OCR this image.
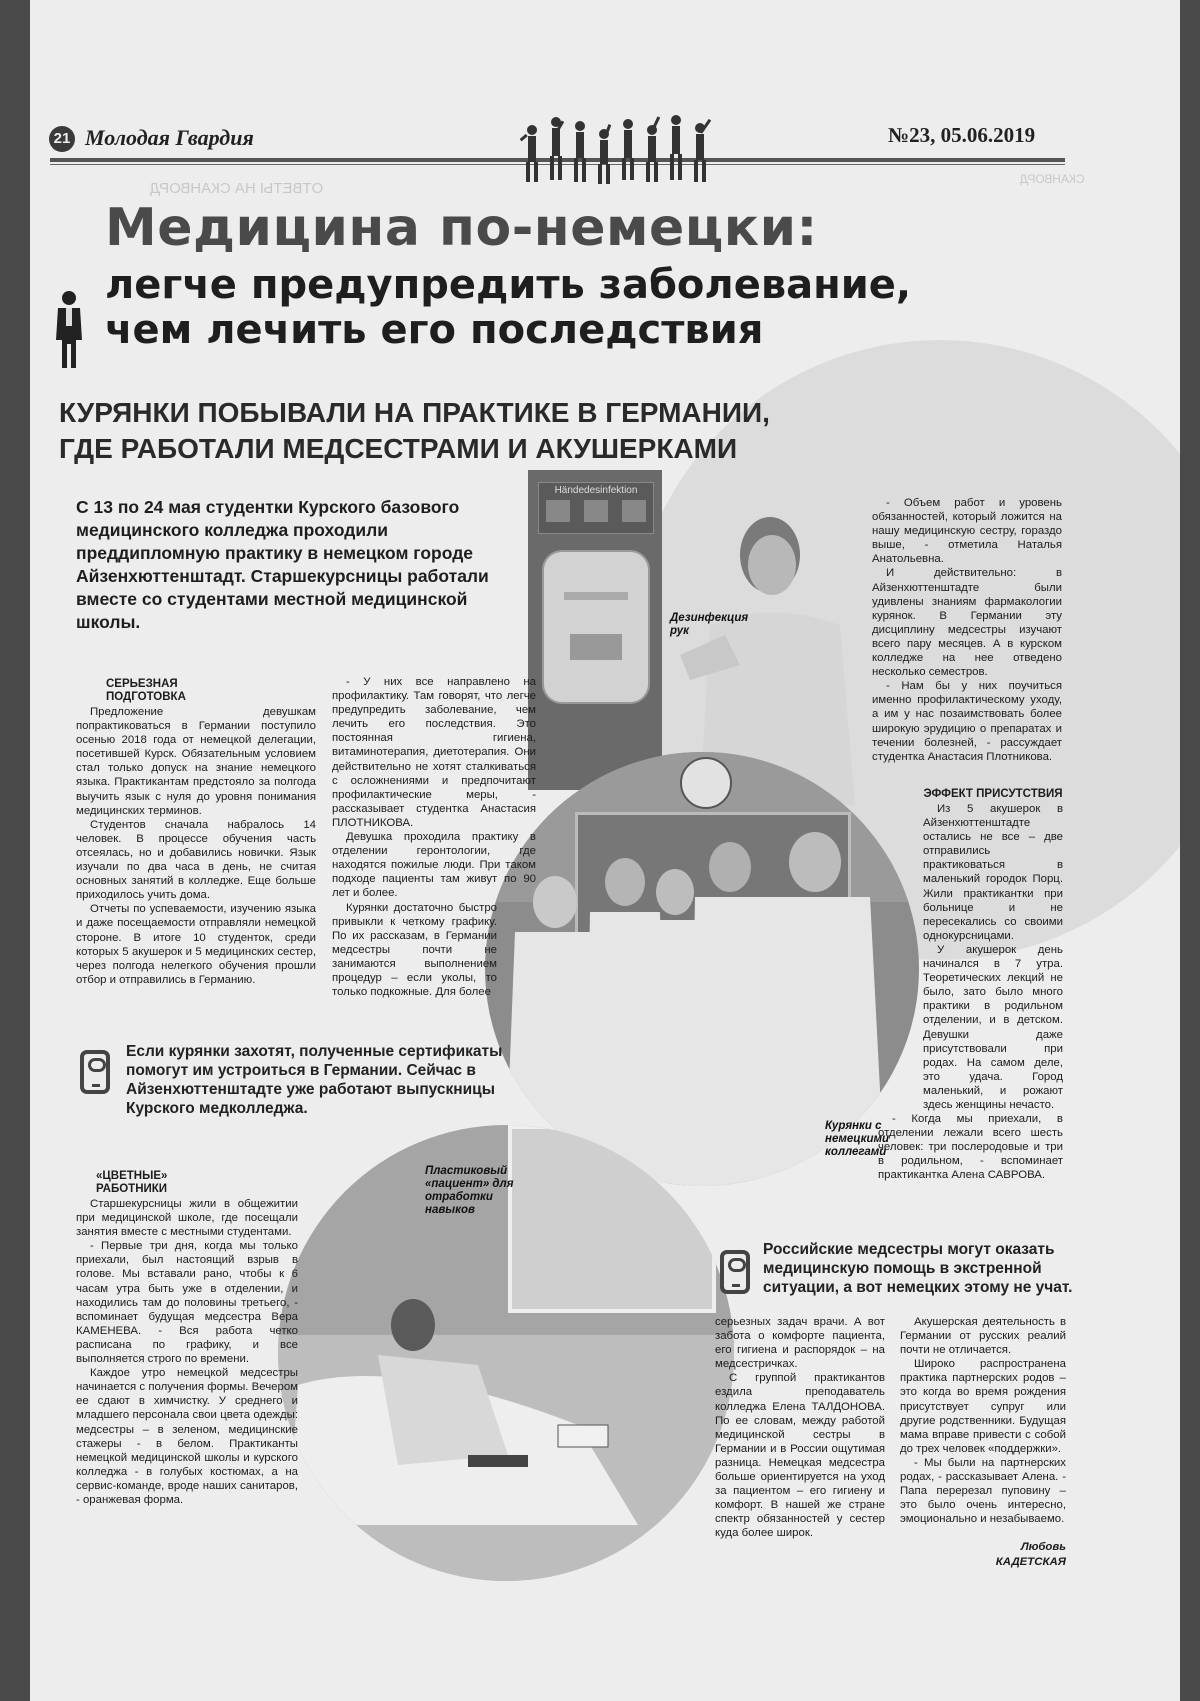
ОТВЕТЫ НА СКАНВОРД
СКАНВОРД
21 Молодая Гвардия	№23, 05.06.2019
Медицина по-немецки:
легче предупредить заболевание,
чем лечить его последствия
КУРЯНКИ ПОБЫВАЛИ НА ПРАКТИКЕ В ГЕРМАНИИ,
ГДЕ РАБОТАЛИ МЕДСЕСТРАМИ И АКУШЕРКАМИ
С 13 по 24 мая студентки Курского базового медицинского колледжа проходили преддипломную практику в немецком городе Айзенхюттенштадт. Старшекурсницы работали вместе со студентами местной медицинской школы.
Händedesinfektion
Дезинфекция рук
Курянки с немецкими коллегами
Пластиковый «пациент» для отработки навыков
СЕРЬЕЗНАЯ ПОДГОТОВКА

Предложение девушкам попрактиковаться в Германии поступило осенью 2018 года от немецкой делегации, посетившей Курск. Обязательным условием стал только допуск на знание немецкого языка. Практикантам предстояло за полгода выучить язык с нуля до уровня понимания медицинских терминов.

Студентов сначала набралось 14 человек. В процессе обучения часть отсеялась, но и добавились новички. Язык изучали по два часа в день, не считая основных занятий в колледже. Еще больше приходилось учить дома.

Отчеты по успеваемости, изучению языка и даже посещаемости отправляли немецкой стороне. В итоге 10 студенток, среди которых 5 акушерок и 5 медицинских сестер, через полгода нелегкого обучения прошли отбор и отправились в Германию.

- У них все направлено на профилактику. Там говорят, что легче предупредить заболевание, чем лечить его последствия. Это постоянная гигиена, витаминотерапия, диетотерапия. Они действительно не хотят сталкиваться с осложнениями и предпочитают профилактические меры, - рассказывает студентка Анастасия ПЛОТНИКОВА.

Девушка проходила практику в отделении геронтологии, где находятся пожилые люди. При таком подходе пациенты там живут по 90 лет и более.

Курянки достаточно быстро привыкли к четкому графику. По их рассказам, в Германии медсестры почти не занимаются выполнением процедур – если уколы, то только подкожные. Для более

- Объем работ и уровень обязанностей, который ложится на нашу медицинскую сестру, гораздо выше, - отметила Наталья Анатольевна.

И действительно: в Айзенхюттенштадте были удивлены знаниям фармакологии курянок. В Германии эту дисциплину медсестры изучают всего пару месяцев. А в курском колледже на нее отведено несколько семестров.

- Нам бы у них поучиться именно профилактическому уходу, а им у нас позаимствовать более широкую эрудицию о препаратах и течении болезней, - рассуждает студентка Анастасия Плотникова.

ЭФФЕКТ ПРИСУТСТВИЯ

Из 5 акушерок в Айзенхюттенштадте остались не все – две отправились практиковаться в маленький городок Порц. Жили практикантки при больнице и не пересекались со своими однокурсницами.

У акушерок день начинался в 7 утра. Теоретических лекций не было, зато было много практики в родильном отделении, и в детском. Девушки даже присутствовали при родах. На самом деле, это удача. Город маленький, и рожают здесь женщины нечасто.

- Когда мы приехали, в отделении лежали всего шесть человек: три послеродовые и три в родильном, - вспоминает практикантка Алена САВРОВА.

Если курянки захотят, полученные сертификаты помогут им устроиться в Германии. Сейчас в Айзенхюттенштадте уже работают выпускницы Курского медколледжа.
«ЦВЕТНЫЕ» РАБОТНИКИ

Старшекурсницы жили в общежитии при медицинской школе, где посещали занятия вместе с местными студентами.

- Первые три дня, когда мы только приехали, был настоящий взрыв в голове. Мы вставали рано, чтобы к 6 часам утра быть уже в отделении, и находились там до половины третьего, - вспоминает будущая медсестра Вера КАМЕНЕВА. - Вся работа четко расписана по графику, и все выполняется строго по времени.

Каждое утро немецкой медсестры начинается с получения формы. Вечером ее сдают в химчистку. У среднего и младшего персонала свои цвета одежды: медсестры – в зеленом, медицинские стажеры - в белом. Практиканты немецкой медицинской школы и курского колледжа - в голубых костюмах, а на сервис-команде, вроде наших санитаров, - оранжевая форма.

Российские медсестры могут оказать медицинскую помощь в экстренной ситуации, а вот немецких этому не учат.

серьезных задач врачи. А вот забота о комфорте пациента, его гигиена и распорядок – на медсестричках.

С группой практикантов ездила преподаватель колледжа Елена ТАЛДОНОВА. По ее словам, между работой медицинской сестры в Германии и в России ощутимая разница. Немецкая медсестра больше ориентируется на уход за пациентом – его гигиену и комфорт. В нашей же стране спектр обязанностей у сестер куда более широк.

Акушерская деятельность в Германии от русских реалий почти не отличается.

Широко распространена практика партнерских родов – это когда во время рождения присутствует супруг или другие родственники. Будущая мама вправе привести с собой до трех человек «поддержки».

- Мы были на партнерских родах, - рассказывает Алена. - Папа перерезал пуповину – это было очень интересно, эмоционально и незабываемо.

Любовь
КАДЕТСКАЯ
